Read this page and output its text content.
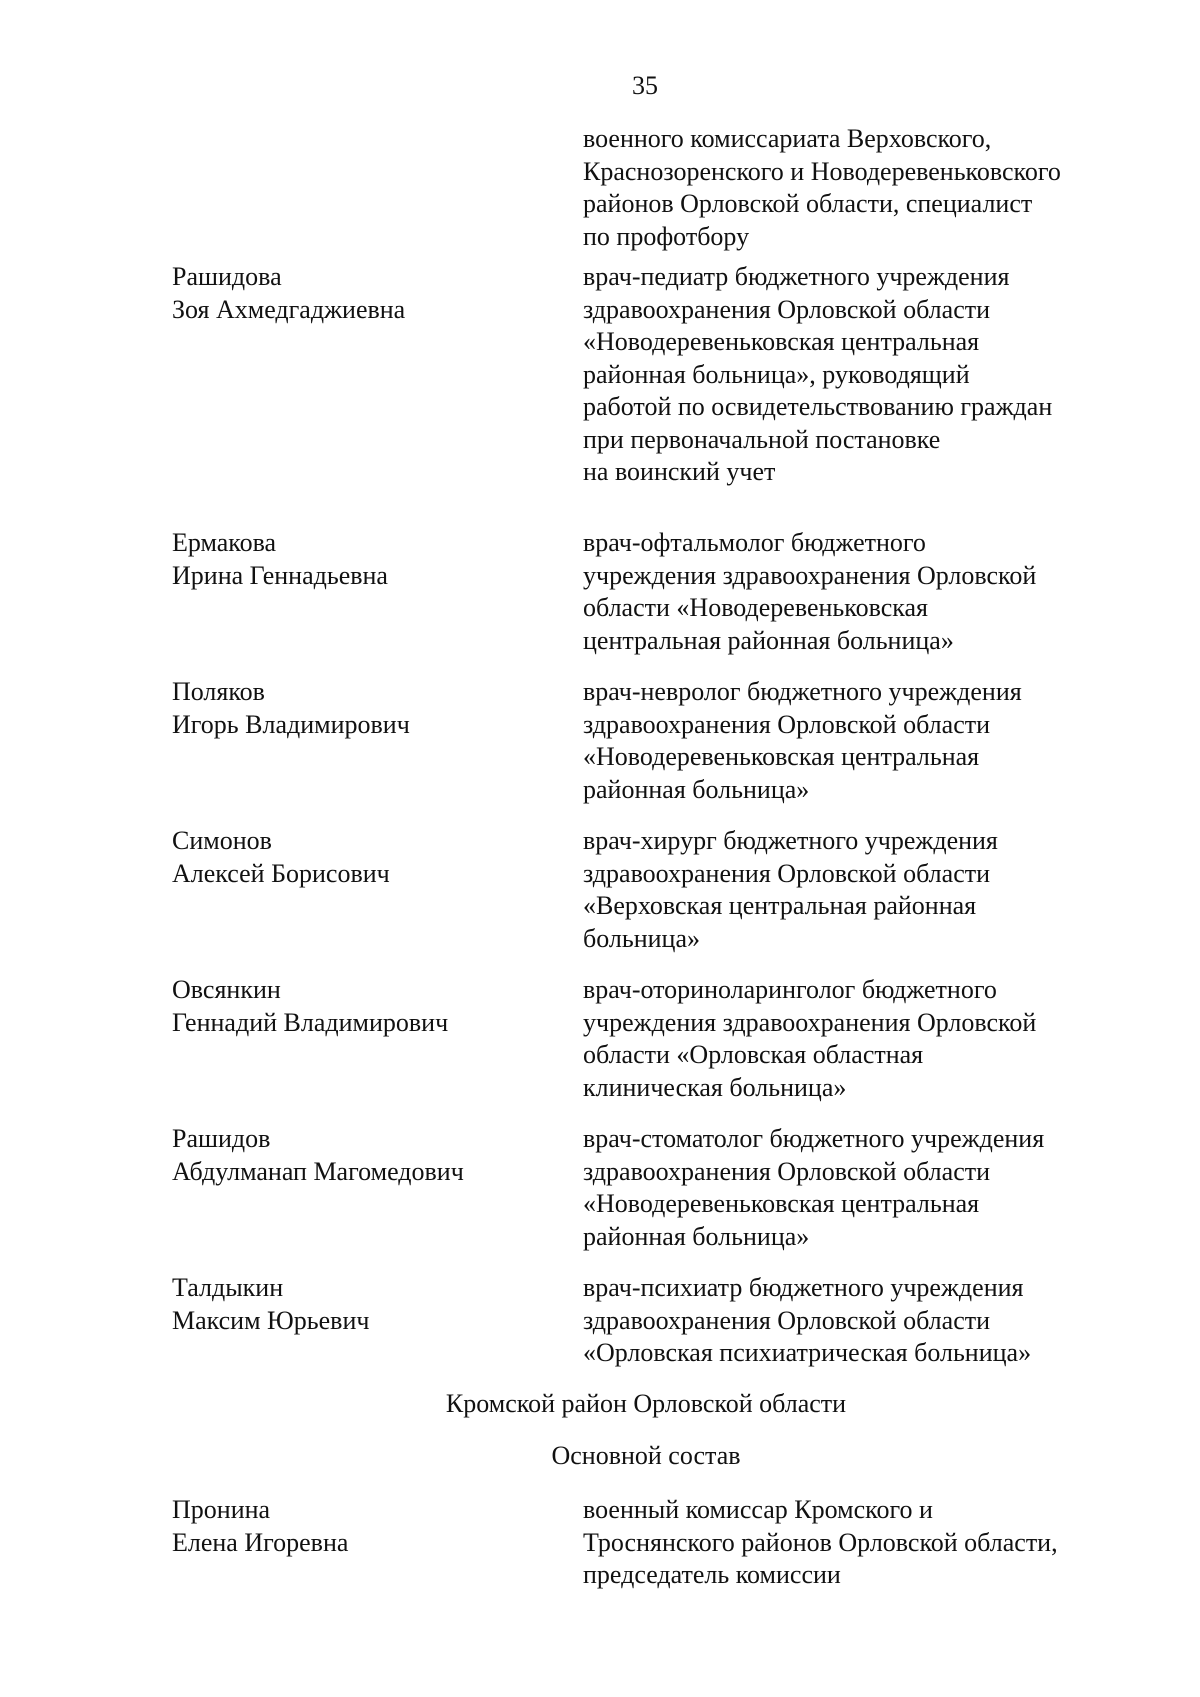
35
военного комиссариата Верховского,
Краснозоренского и Новодеревеньковского
районов Орловской области, специалист
по профотбору
Рашидова
Зоя Ахмедгаджиевна
врач-педиатр бюджетного учреждения
здравоохранения Орловской области
«Новодеревеньковская центральная
районная больница», руководящий
работой по освидетельствованию граждан
при первоначальной постановке
на воинский учет
Ермакова
Ирина Геннадьевна
врач-офтальмолог бюджетного
учреждения здравоохранения Орловской
области «Новодеревеньковская
центральная районная больница»
Поляков
Игорь Владимирович
врач-невролог бюджетного учреждения
здравоохранения Орловской области
«Новодеревеньковская центральная
районная больница»
Симонов
Алексей Борисович
врач-хирург бюджетного учреждения
здравоохранения Орловской области
«Верховская центральная районная
больница»
Овсянкин
Геннадий Владимирович
врач-оториноларинголог бюджетного
учреждения здравоохранения Орловской
области «Орловская областная
клиническая больница»
Рашидов
Абдулманап Магомедович
врач-стоматолог бюджетного учреждения
здравоохранения Орловской области
«Новодеревеньковская центральная
районная больница»
Талдыкин
Максим Юрьевич
врач-психиатр бюджетного учреждения
здравоохранения Орловской области
«Орловская психиатрическая больница»
Кромской район Орловской области
Основной состав
Пронина
Елена Игоревна
военный комиссар Кромского и
Троснянского районов Орловской области,
председатель комиссии
